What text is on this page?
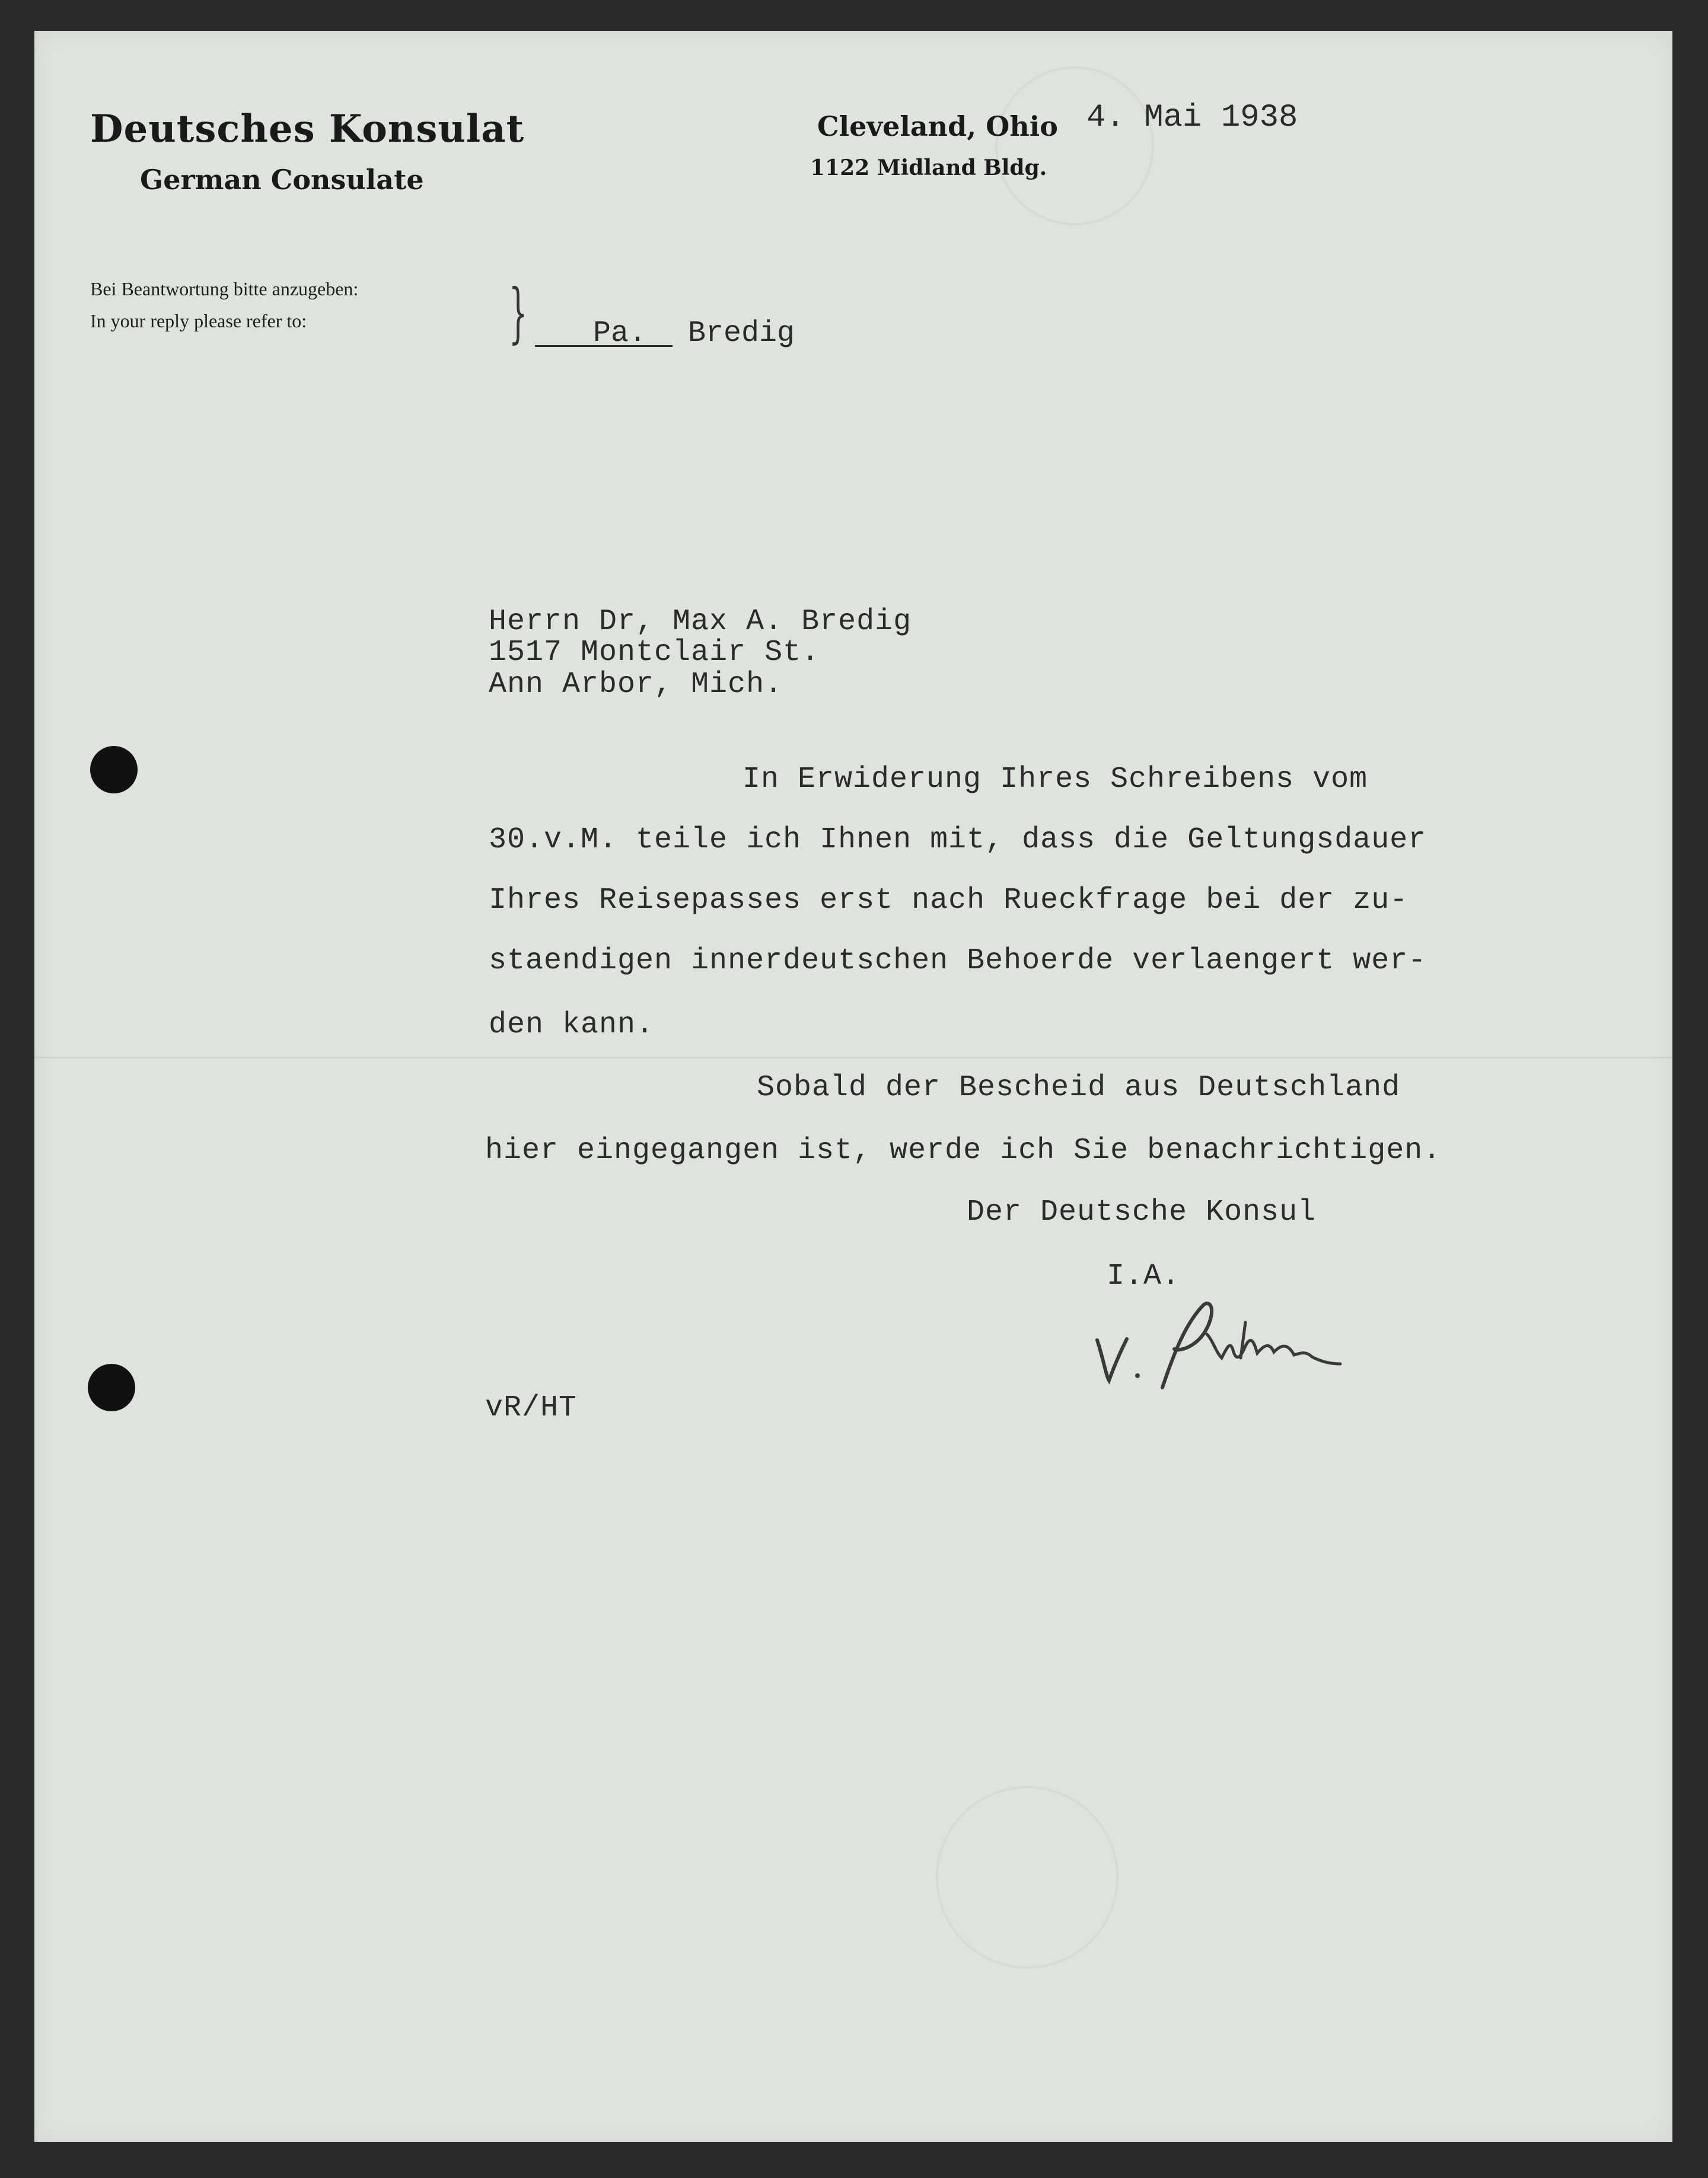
Deutsches Konsulat
German Consulate
Cleveland, Ohio
1122 Midland Bldg.
4. Mai 1938
Bei Beantwortung bitte anzugeben:
In your reply please refer to:	} Pa. Bredig
Herrn Dr, Max A. Bredig
1517 Montclair St.
Ann Arbor, Mich.
In Erwiderung Ihres Schreibens vom
30.v.M. teile ich Ihnen mit, dass die Geltungsdauer
Ihres Reisepasses erst nach Rueckfrage bei der zu-
staendigen innerdeutschen Behoerde verlaengert wer-
den kann.
Sobald der Bescheid aus Deutschland
hier eingegangen ist, werde ich Sie benachrichtigen.
Der Deutsche Konsul
I.A.
vR/HT
